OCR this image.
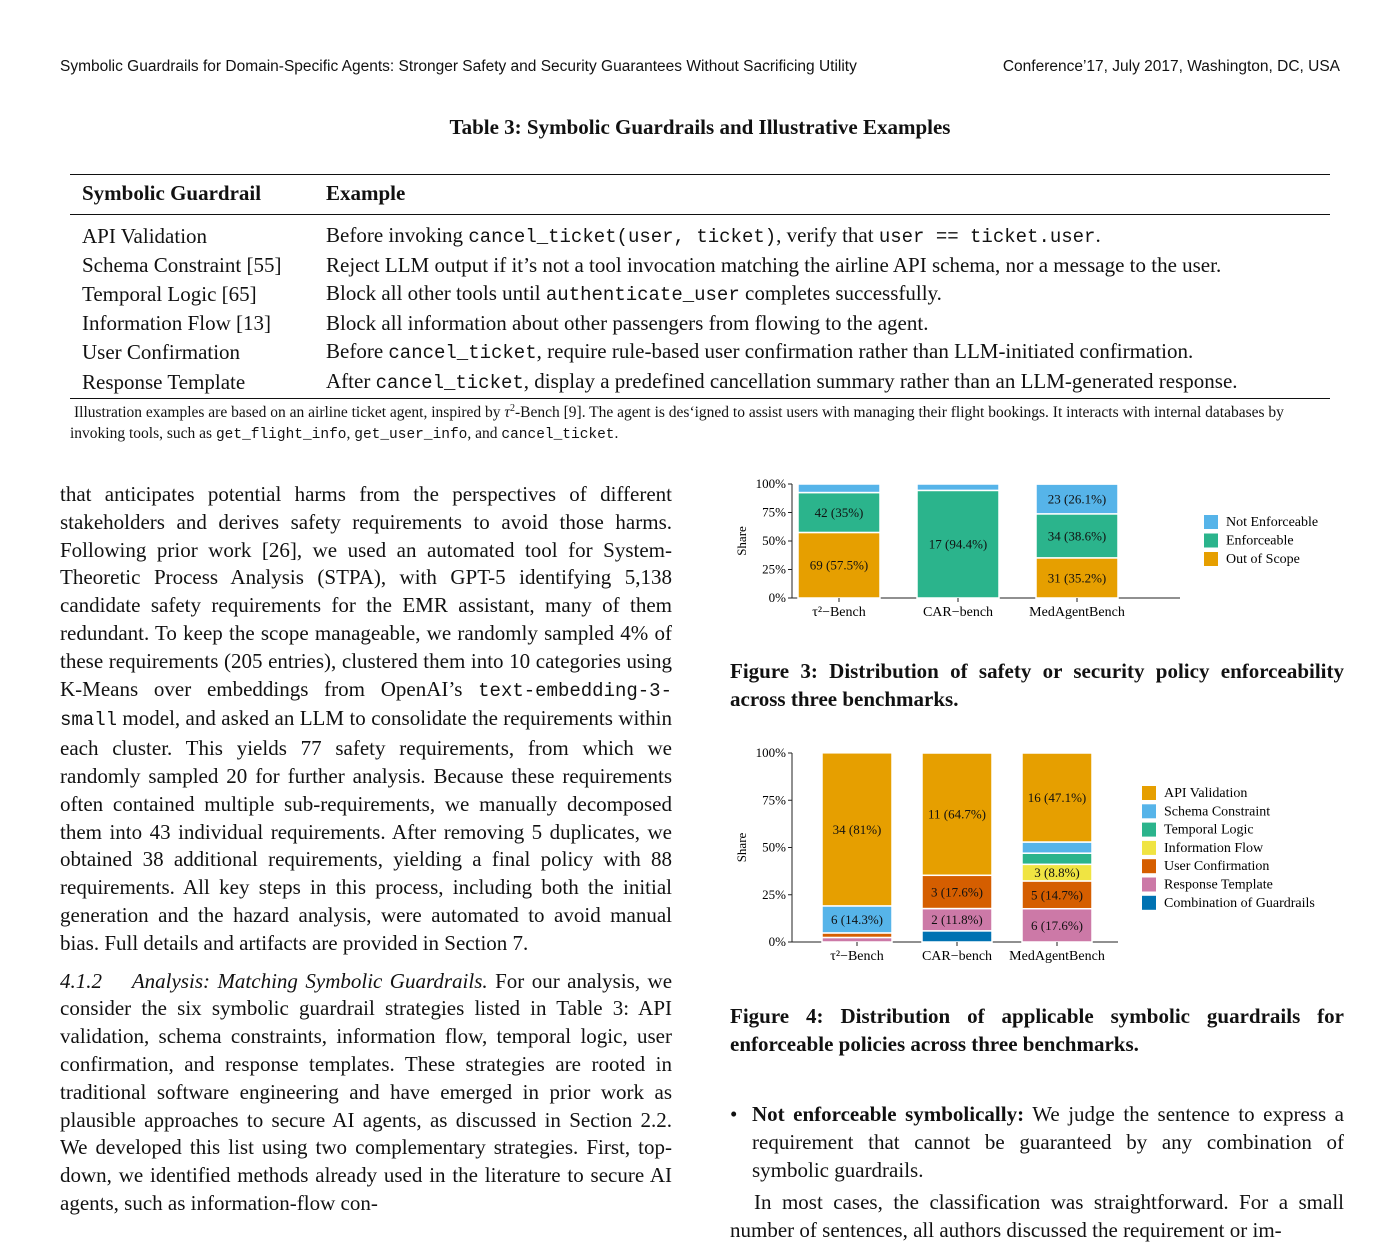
Symbolic Guardrails for Domain-Specific Agents: Stronger Safety and Security Guarantees Without Sacrificing Utility	Conference’17, July 2017, Washington, DC, USA
Table 3: Symbolic Guardrails and Illustrative Examples
Symbolic Guardrail	Example
API Validation	Before invoking cancel_ticket(user, ticket), verify that user == ticket.user.
Schema Constraint [55]	Reject LLM output if it’s not a tool invocation matching the airline API schema, nor a message to the user.
Temporal Logic [65]	Block all other tools until authenticate_user completes successfully.
Information Flow [13]	Block all information about other passengers from flowing to the agent.
User Confirmation	Before cancel_ticket, require rule-based user confirmation rather than LLM-initiated confirmation.
Response Template	After cancel_ticket, display a predefined cancellation summary rather than an LLM-generated response.
Illustration examples are based on an airline ticket agent, inspired by $\tau^2$-Bench [9]. The agent is des‘igned to assist users with managing their flight bookings. It interacts with internal databases by invoking tools, such as get_flight_info, get_user_info, and cancel_ticket.

that anticipates potential harms from the perspectives of different stakeholders and derives safety requirements to avoid those harms. Following prior work [26], we used an automated tool for System-Theoretic Process Analysis (STPA), with GPT-5 identifying 5,138 candidate safety requirements for the EMR assistant, many of them redundant. To keep the scope manageable, we randomly sampled 4% of these requirements (205 entries), clustered them into 10 categories using K-Means over embeddings from OpenAI’s text-embedding-3-small model, and asked an LLM to consolidate the requirements within each cluster. This yields 77 safety requirements, from which we randomly sampled 20 for further analysis. Because these requirements often contained multiple sub-requirements, we manually decomposed them into 43 individual requirements. After removing 5 duplicates, we obtained 38 additional requirements, yielding a final policy with 88 requirements. All key steps in this process, including both the initial generation and the hazard analysis, were automated to avoid manual bias. Full details and artifacts are provided in Section 7.

4.1.2 Analysis: Matching Symbolic Guardrails. For our analysis, we consider the six symbolic guardrail strategies listed in Table 3: API validation, schema constraints, information flow, temporal logic, user confirmation, and response templates. These strategies are rooted in traditional software engineering and have emerged in prior work as plausible approaches to secure AI agents, as discussed in Section 2.2. We developed this list using two complementary strategies. First, top-down, we identified methods already used in the literature to secure AI agents, such as information-flow con-

0%
25%
50%
75%
100%
Share
69 (57.5%)
42 (35%)
τ²−Bench
17 (94.4%)
CAR−bench
31 (35.2%)
34 (38.6%)
23 (26.1%)
MedAgentBench
Not Enforceable
Enforceable
Out of Scope
Figure 3: Distribution of safety or security policy enforceability across three benchmarks.
0%
25%
50%
75%
100%
Share
6 (14.3%)
34 (81%)
τ²−Bench
2 (11.8%)
3 (17.6%)
11 (64.7%)
CAR−bench
6 (17.6%)
5 (14.7%)
3 (8.8%)
16 (47.1%)
MedAgentBench
API Validation
Schema Constraint
Temporal Logic
Information Flow
User Confirmation
Response Template
Combination of Guardrails
Figure 4: Distribution of applicable symbolic guardrails for enforceable policies across three benchmarks.
• Not enforceable symbolically: We judge the sentence to express a requirement that cannot be guaranteed by any combination of symbolic guardrails.

In most cases, the classification was straightforward. For a small number of sentences, all authors discussed the requirement or im-
